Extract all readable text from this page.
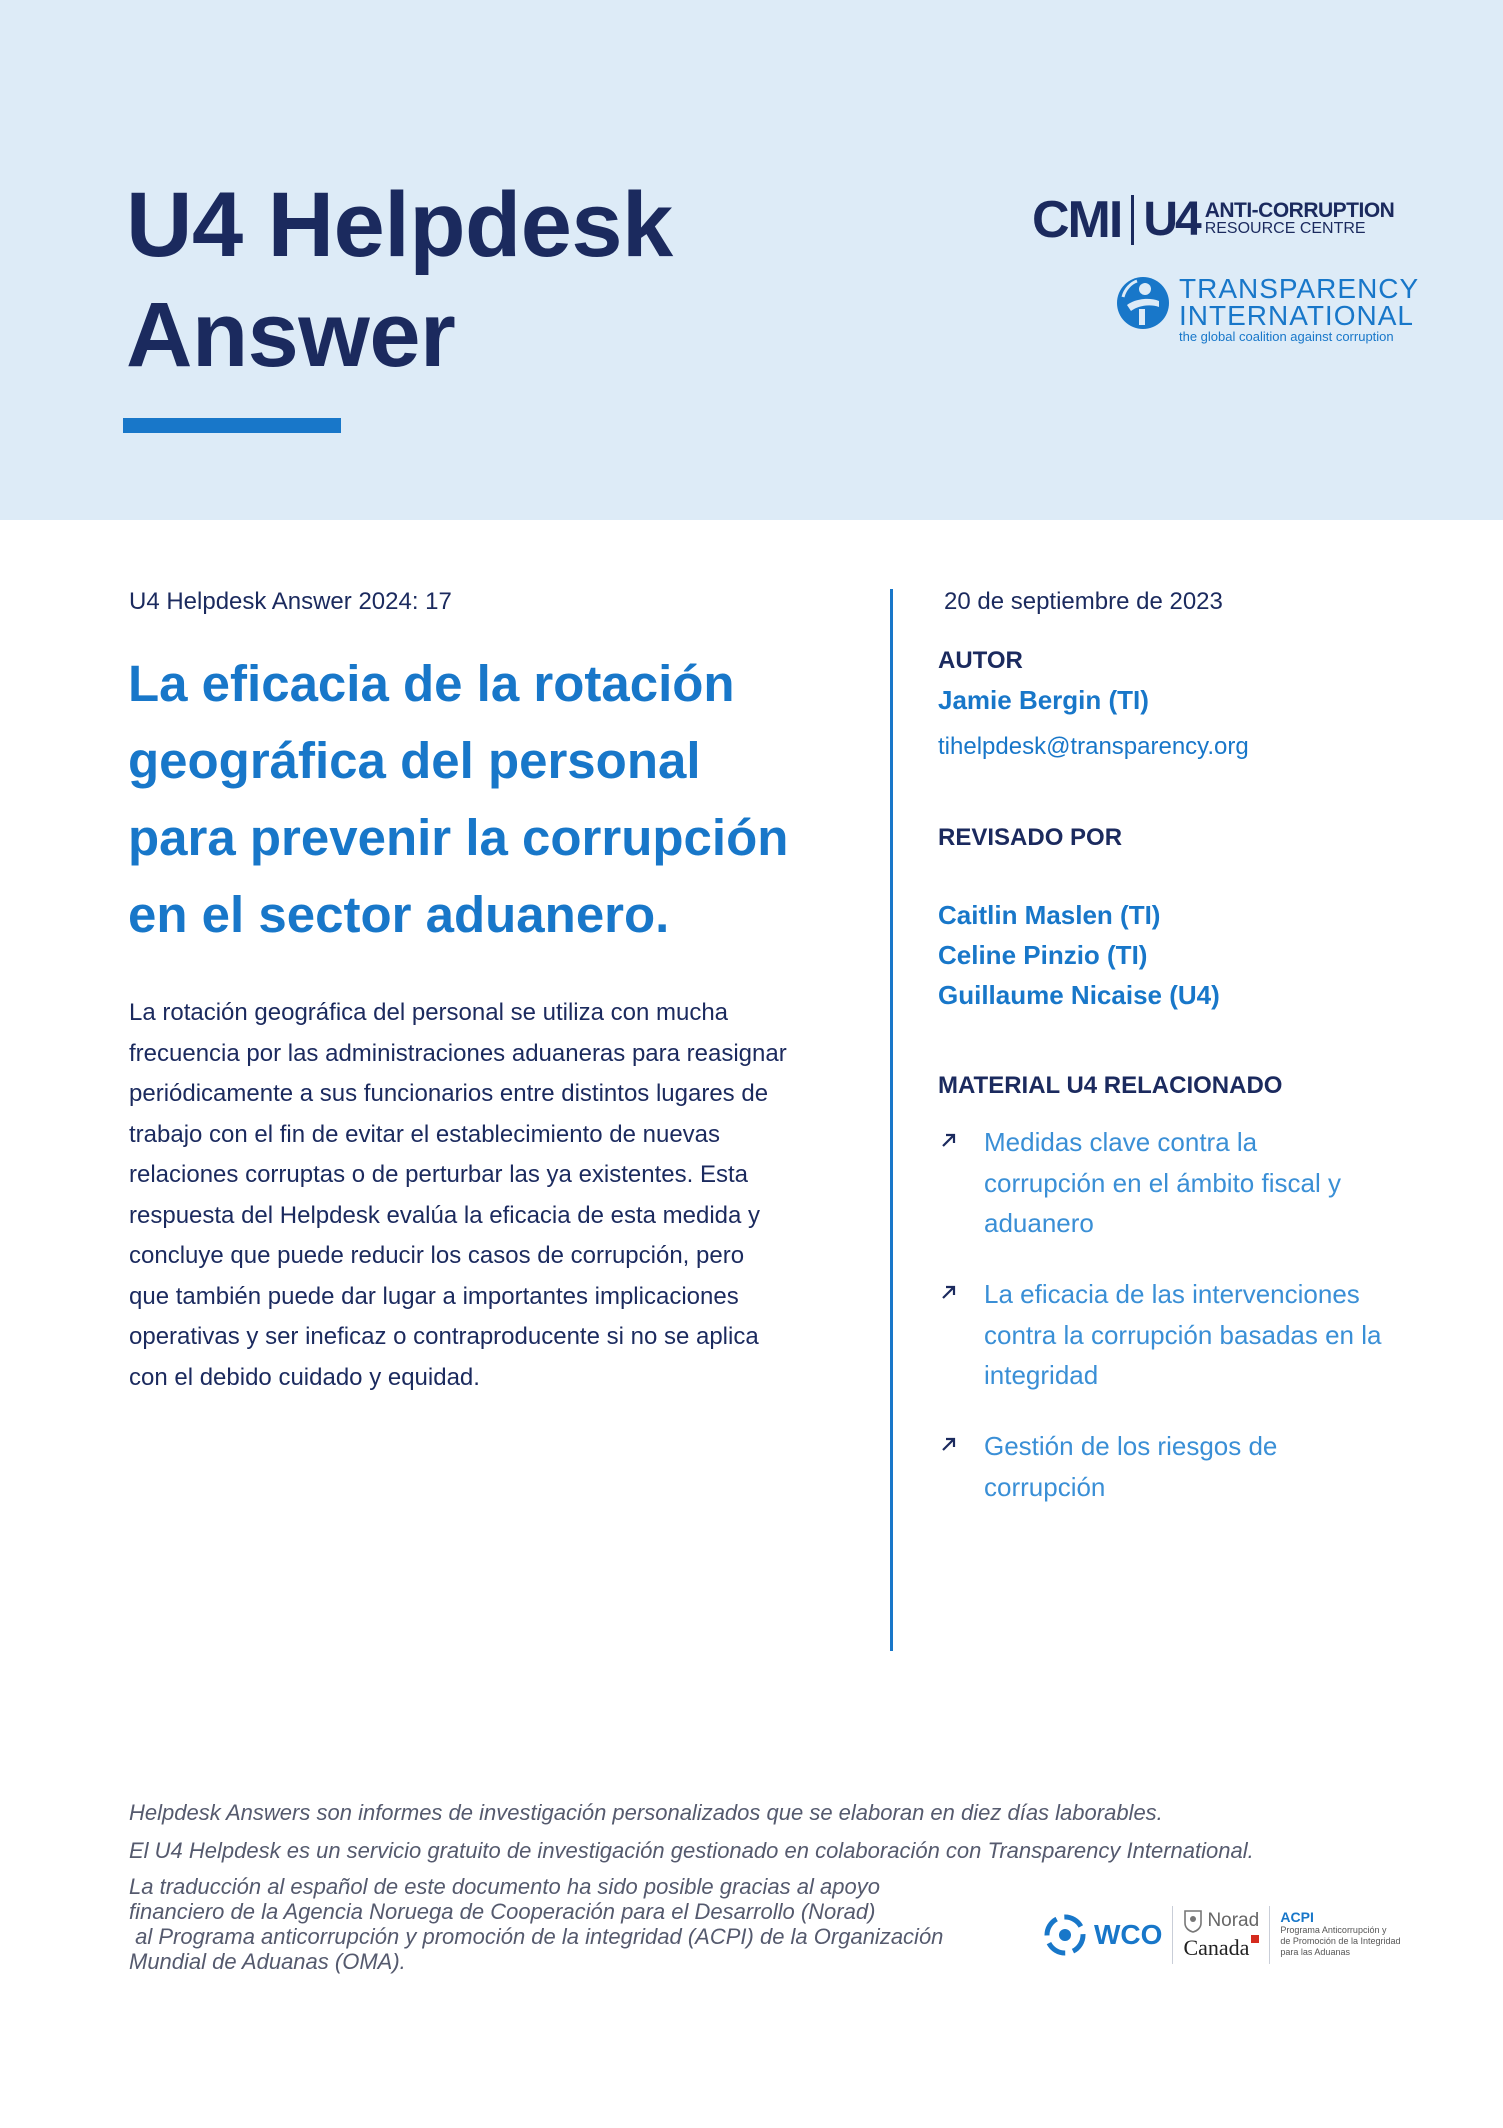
U4 Helpdesk
Answer
CMI U4 ANTI-CORRUPTION
RESOURCE CENTRE
TRANSPARENCY
INTERNATIONAL
the global coalition against corruption
U4 Helpdesk Answer 2024: 17
La eficacia de la rotación
geográfica del personal
para prevenir la corrupción
en el sector aduanero.
La rotación geográfica del personal se utiliza con mucha
frecuencia por las administraciones aduaneras para reasignar
periódicamente a sus funcionarios entre distintos lugares de
trabajo con el fin de evitar el establecimiento de nuevas
relaciones corruptas o de perturbar las ya existentes. Esta
respuesta del Helpdesk evalúa la eficacia de esta medida y
concluye que puede reducir los casos de corrupción, pero
que también puede dar lugar a importantes implicaciones
operativas y ser ineficaz o contraproducente si no se aplica
con el debido cuidado y equidad.
20 de septiembre de 2023
AUTOR
Jamie Bergin (TI)
tihelpdesk@transparency.org
REVISADO POR
Caitlin Maslen (TI)
Celine Pinzio (TI)
Guillaume Nicaise (U4)
MATERIAL U4 RELACIONADO
Medidas clave contra la
corrupción en el ámbito fiscal y
aduanero
La eficacia de las intervenciones
contra la corrupción basadas en la
integridad
Gestión de los riesgos de
corrupción
Helpdesk Answers son informes de investigación personalizados que se elaboran en diez días laborables.
El U4 Helpdesk es un servicio gratuito de investigación gestionado en colaboración con Transparency International.
La traducción al español de este documento ha sido posible gracias al apoyo
financiero de la Agencia Noruega de Cooperación para el Desarrollo (Norad)
al Programa anticorrupción y promoción de la integridad (ACPI) de la Organización
Mundial de Aduanas (OMA).
WCO Norad
Canada
ACPI
Programa Anticorrupción y
de Promoción de la Integridad
para las Aduanas
